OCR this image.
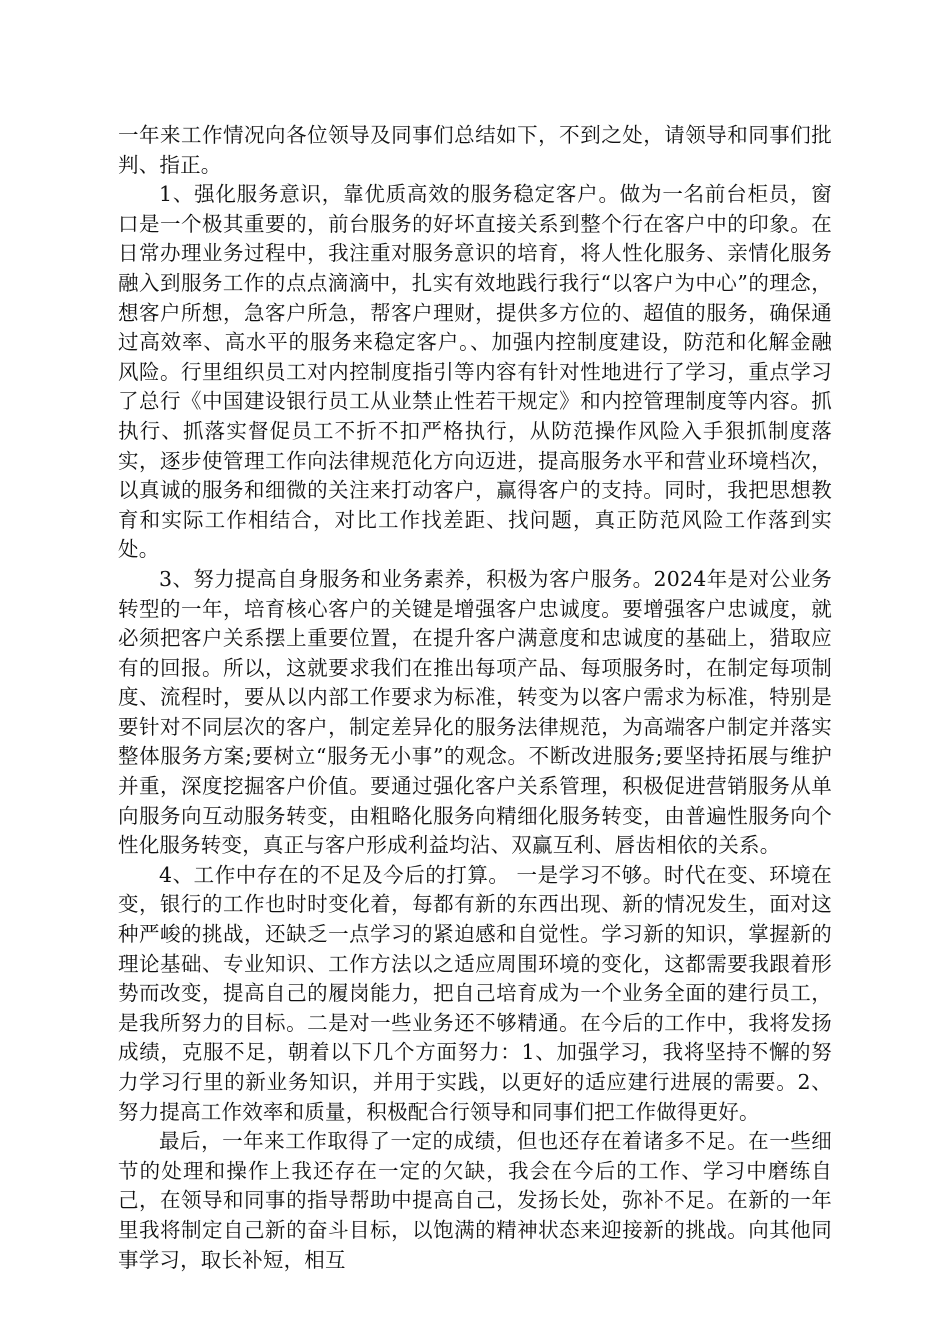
一年来工作情况向各位领导及同事们总结如下，不到之处，请领导和同事们批判、指正。

1、强化服务意识，靠优质高效的服务稳定客户。做为一名前台柜员，窗口是一个极其重要的，前台服务的好坏直接关系到整个行在客户中的印象。在日常办理业务过程中，我注重对服务意识的培育，将人性化服务、亲情化服务融入到服务工作的点点滴滴中，扎实有效地践行我行“以客户为中心”的理念，想客户所想，急客户所急，帮客户理财，提供多方位的、超值的服务，确保通过高效率、高水平的服务来稳定客户。、加强内控制度建设，防范和化解金融风险。行里组织员工对内控制度指引等内容有针对性地进行了学习，重点学习了总行《中国建设银行员工从业禁止性若干规定》和内控管理制度等内容。抓执行、抓落实督促员工不折不扣严格执行，从防范操作风险入手狠抓制度落实，逐步使管理工作向法律规范化方向迈进，提高服务水平和营业环境档次，以真诚的服务和细微的关注来打动客户，赢得客户的支持。同时，我把思想教育和实际工作相结合，对比工作找差距、找问题，真正防范风险工作落到实处。

3、努力提高自身服务和业务素养，积极为客户服务。2024年是对公业务转型的一年，培育核心客户的关键是增强客户忠诚度。要增强客户忠诚度，就必须把客户关系摆上重要位置，在提升客户满意度和忠诚度的基础上，猎取应有的回报。所以，这就要求我们在推出每项产品、每项服务时，在制定每项制度、流程时，要从以内部工作要求为标准，转变为以客户需求为标准，特别是要针对不同层次的客户，制定差异化的服务法律规范，为高端客户制定并落实整体服务方案;要树立“服务无小事”的观念。不断改进服务;要坚持拓展与维护并重，深度挖掘客户价值。要通过强化客户关系管理，积极促进营销服务从单向服务向互动服务转变，由粗略化服务向精细化服务转变，由普遍性服务向个性化服务转变，真正与客户形成利益均沾、双赢互利、唇齿相依的关系。

4、工作中存在的不足及今后的打算。 一是学习不够。时代在变、环境在变，银行的工作也时时变化着，每都有新的东西出现、新的情况发生，面对这种严峻的挑战，还缺乏一点学习的紧迫感和自觉性。学习新的知识，掌握新的理论基础、专业知识、工作方法以之适应周围环境的变化，这都需要我跟着形势而改变，提高自己的履岗能力，把自己培育成为一个业务全面的建行员工，是我所努力的目标。二是对一些业务还不够精通。在今后的工作中，我将发扬成绩，克服不足，朝着以下几个方面努力：1、加强学习，我将坚持不懈的努力学习行里的新业务知识，并用于实践，以更好的适应建行进展的需要。2、努力提高工作效率和质量，积极配合行领导和同事们把工作做得更好。

最后，一年来工作取得了一定的成绩，但也还存在着诸多不足。在一些细节的处理和操作上我还存在一定的欠缺，我会在今后的工作、学习中磨练自己，在领导和同事的指导帮助中提高自己，发扬长处，弥补不足。在新的一年里我将制定自己新的奋斗目标，以饱满的精神状态来迎接新的挑战。向其他同事学习，取长补短，相互
